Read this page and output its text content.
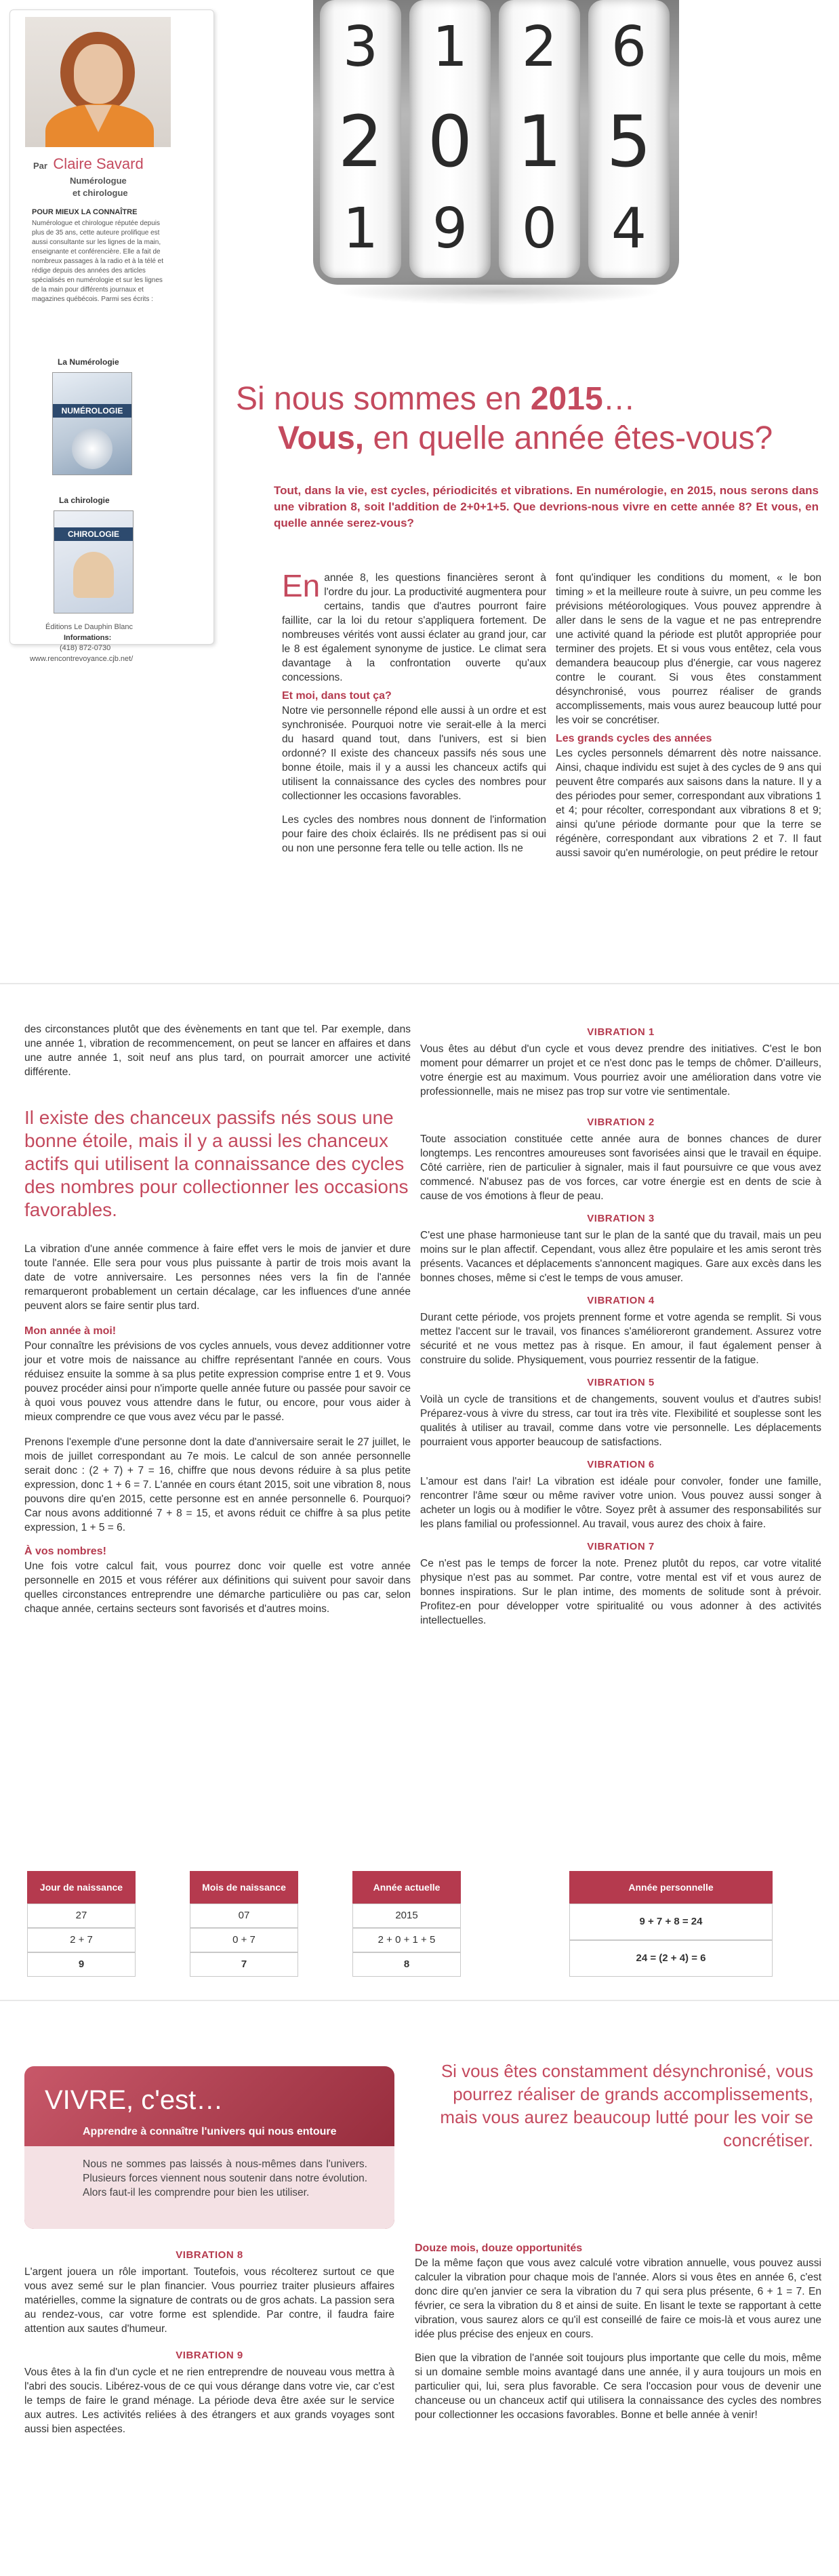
Par Claire Savard
Numérologue
et chirologue
POUR MIEUX LA CONNAÎTRE
Numérologue et chirologue réputée depuis plus de 35 ans, cette auteure prolifique est aussi consultante sur les lignes de la main, enseignante et conférencière. Elle a fait de nombreux passages à la radio et à la télé et rédige depuis des années des articles spécialisés en numérologie et sur les lignes de la main pour différents journaux et magazines québécois. Parmi ses écrits :
La Numérologie
NUMÉROLOGIE
La chirologie
CHIROLOGIE
Éditions Le Dauphin Blanc
Informations:
(418) 872-0730
www.rencontrevoyance.cjb.net/
3
2
1
1
0
9
2
1
0
6
5
4
Si nous sommes en 2015…
Vous, en quelle année êtes-vous?
Tout, dans la vie, est cycles, périodicités et vibrations. En numérologie, en 2015, nous serons dans une vibration 8, soit l'addition de 2+0+1+5. Que devrions-nous vivre en cette année 8? Et vous, en quelle année serez-vous?
En année 8, les questions financières seront à l'ordre du jour. La productivité augmentera pour certains, tandis que d'autres pourront faire faillite, car la loi du retour s'appliquera fortement. De nombreuses vérités vont aussi éclater au grand jour, car le 8 est également synonyme de justice. Le climat sera davantage à la confrontation ouverte qu'aux concessions.
Et moi, dans tout ça?

Notre vie personnelle répond elle aussi à un ordre et est synchronisée. Pourquoi notre vie serait-elle à la merci du hasard quand tout, dans l'univers, est si bien ordonné? Il existe des chanceux passifs nés sous une bonne étoile, mais il y a aussi les chanceux actifs qui utilisent la connaissance des cycles des nombres pour collectionner les occasions favorables.

Les cycles des nombres nous donnent de l'information pour faire des choix éclairés. Ils ne prédisent pas si oui ou non une personne fera telle ou telle action. Ils ne

font qu'indiquer les conditions du moment, « le bon timing » et la meilleure route à suivre, un peu comme les prévisions météorologiques. Vous pouvez apprendre à aller dans le sens de la vague et ne pas entreprendre une activité quand la période est plutôt appropriée pour terminer des projets. Et si vous vous entêtez, cela vous demandera beaucoup plus d'énergie, car vous nagerez contre le courant. Si vous êtes constamment désynchronisé, vous pourrez réaliser de grands accomplissements, mais vous aurez beaucoup lutté pour les voir se concrétiser.

Les grands cycles des années

Les cycles personnels démarrent dès notre naissance. Ainsi, chaque individu est sujet à des cycles de 9 ans qui peuvent être comparés aux saisons dans la nature. Il y a des périodes pour semer, correspondant aux vibrations 1 et 4; pour récolter, correspondant aux vibrations 8 et 9; ainsi qu'une période dormante pour que la terre se régénère, correspondant aux vibrations 2 et 7. Il faut aussi savoir qu'en numérologie, on peut prédire le retour

des circonstances plutôt que des évènements en tant que tel. Par exemple, dans une année 1, vibration de recommencement, on peut se lancer en affaires et dans une autre année 1, soit neuf ans plus tard, on pourrait amorcer une activité différente.

Il existe des chanceux passifs nés sous une bonne étoile, mais il y a aussi les chanceux actifs qui utilisent la connaissance des cycles des nombres pour collectionner les occasions favorables.

La vibration d'une année commence à faire effet vers le mois de janvier et dure toute l'année. Elle sera pour vous plus puissante à partir de trois mois avant la date de votre anniversaire. Les personnes nées vers la fin de l'année remarqueront probablement un certain décalage, car les influences d'une année peuvent alors se faire sentir plus tard.

Mon année à moi!

Pour connaître les prévisions de vos cycles annuels, vous devez additionner votre jour et votre mois de naissance au chiffre représentant l'année en cours. Vous réduisez ensuite la somme à sa plus petite expression comprise entre 1 et 9. Vous pouvez procéder ainsi pour n'importe quelle année future ou passée pour savoir ce à quoi vous pouvez vous attendre dans le futur, ou encore, pour vous aider à mieux comprendre ce que vous avez vécu par le passé.

Prenons l'exemple d'une personne dont la date d'anniversaire serait le 27 juillet, le mois de juillet correspondant au 7e mois. Le calcul de son année personnelle serait donc : (2 + 7) + 7 = 16, chiffre que nous devons réduire à sa plus petite expression, donc 1 + 6 = 7. L'année en cours étant 2015, soit une vibration 8, nous pouvons dire qu'en 2015, cette personne est en année personnelle 6. Pourquoi? Car nous avons additionné 7 + 8 = 15, et avons réduit ce chiffre à sa plus petite expression, 1 + 5 = 6.

À vos nombres!

Une fois votre calcul fait, vous pourrez donc voir quelle est votre année personnelle en 2015 et vous référer aux définitions qui suivent pour savoir dans quelles circonstances entreprendre une démarche particulière ou pas car, selon chaque année, certains secteurs sont favorisés et d'autres moins.

VIBRATION 1

Vous êtes au début d'un cycle et vous devez prendre des initiatives. C'est le bon moment pour démarrer un projet et ce n'est donc pas le temps de chômer. D'ailleurs, votre énergie est au maximum. Vous pourriez avoir une amélioration dans votre vie professionnelle, mais ne misez pas trop sur votre vie sentimentale.

VIBRATION 2

Toute association constituée cette année aura de bonnes chances de durer longtemps. Les rencontres amoureuses sont favorisées ainsi que le travail en équipe. Côté carrière, rien de particulier à signaler, mais il faut poursuivre ce que vous avez commencé. N'abusez pas de vos forces, car votre énergie est en dents de scie à cause de vos émotions à fleur de peau.

VIBRATION 3

C'est une phase harmonieuse tant sur le plan de la santé que du travail, mais un peu moins sur le plan affectif. Cependant, vous allez être populaire et les amis seront très présents. Vacances et déplacements s'annoncent magiques. Gare aux excès dans les bonnes choses, même si c'est le temps de vous amuser.

VIBRATION 4

Durant cette période, vos projets prennent forme et votre agenda se remplit. Si vous mettez l'accent sur le travail, vos finances s'amélioreront grandement. Assurez votre sécurité et ne vous mettez pas à risque. En amour, il faut également penser à construire du solide. Physiquement, vous pourriez ressentir de la fatigue.

VIBRATION 5

Voilà un cycle de transitions et de changements, souvent voulus et d'autres subis! Préparez-vous à vivre du stress, car tout ira très vite. Flexibilité et souplesse sont les qualités à utiliser au travail, comme dans votre vie personnelle. Les déplacements pourraient vous apporter beaucoup de satisfactions.

VIBRATION 6

L'amour est dans l'air! La vibration est idéale pour convoler, fonder une famille, rencontrer l'âme sœur ou même raviver votre union. Vous pouvez aussi songer à acheter un logis ou à modifier le vôtre. Soyez prêt à assumer des responsabilités sur les plans familial ou professionnel. Au travail, vous aurez des choix à faire.

VIBRATION 7

Ce n'est pas le temps de forcer la note. Prenez plutôt du repos, car votre vitalité physique n'est pas au sommet. Par contre, votre mental est vif et vous aurez de bonnes inspirations. Sur le plan intime, des moments de solitude sont à prévoir. Profitez-en pour développer votre spiritualité ou vous adonner à des activités intellectuelles.

Jour de naissance
27
2 + 7
9
Mois de naissance
07
0 + 7
7
Année actuelle
2015
2 + 0 + 1 + 5
8
Année personnelle
9 + 7 + 8 = 24
24 = (2 + 4) = 6
VIVRE, c'est…
Apprendre à connaître l'univers qui nous entoure
Nous ne sommes pas laissés à nous-mêmes dans l'univers. Plusieurs forces viennent nous soutenir dans notre évolution. Alors faut-il les comprendre pour bien les utiliser.
Si vous êtes constamment désynchronisé, vous pourrez réaliser de grands accomplissements, mais vous aurez beaucoup lutté pour les voir se concrétiser.
VIBRATION 8

L'argent jouera un rôle important. Toutefois, vous récolterez surtout ce que vous avez semé sur le plan financier. Vous pourriez traiter plusieurs affaires matérielles, comme la signature de contrats ou de gros achats. La passion sera au rendez-vous, car votre forme est splendide. Par contre, il faudra faire attention aux sautes d'humeur.

VIBRATION 9

Vous êtes à la fin d'un cycle et ne rien entreprendre de nouveau vous mettra à l'abri des soucis. Libérez-vous de ce qui vous dérange dans votre vie, car c'est le temps de faire le grand ménage. La période deva être axée sur le service aux autres. Les activités reliées à des étrangers et aux grands voyages sont aussi bien aspectées.

Douze mois, douze opportunités

De la même façon que vous avez calculé votre vibration annuelle, vous pouvez aussi calculer la vibration pour chaque mois de l'année. Alors si vous êtes en année 6, c'est donc dire qu'en janvier ce sera la vibration du 7 qui sera plus présente, 6 + 1 = 7. En février, ce sera la vibration du 8 et ainsi de suite. En lisant le texte se rapportant à cette vibration, vous saurez alors ce qu'il est conseillé de faire ce mois-là et vous aurez une idée plus précise des enjeux en cours.

Bien que la vibration de l'année soit toujours plus importante que celle du mois, même si un domaine semble moins avantagé dans une année, il y aura toujours un mois en particulier qui, lui, sera plus favorable. Ce sera l'occasion pour vous de devenir une chanceuse ou un chanceux actif qui utilisera la connaissance des cycles des nombres pour collectionner les occasions favorables. Bonne et belle année à venir!
